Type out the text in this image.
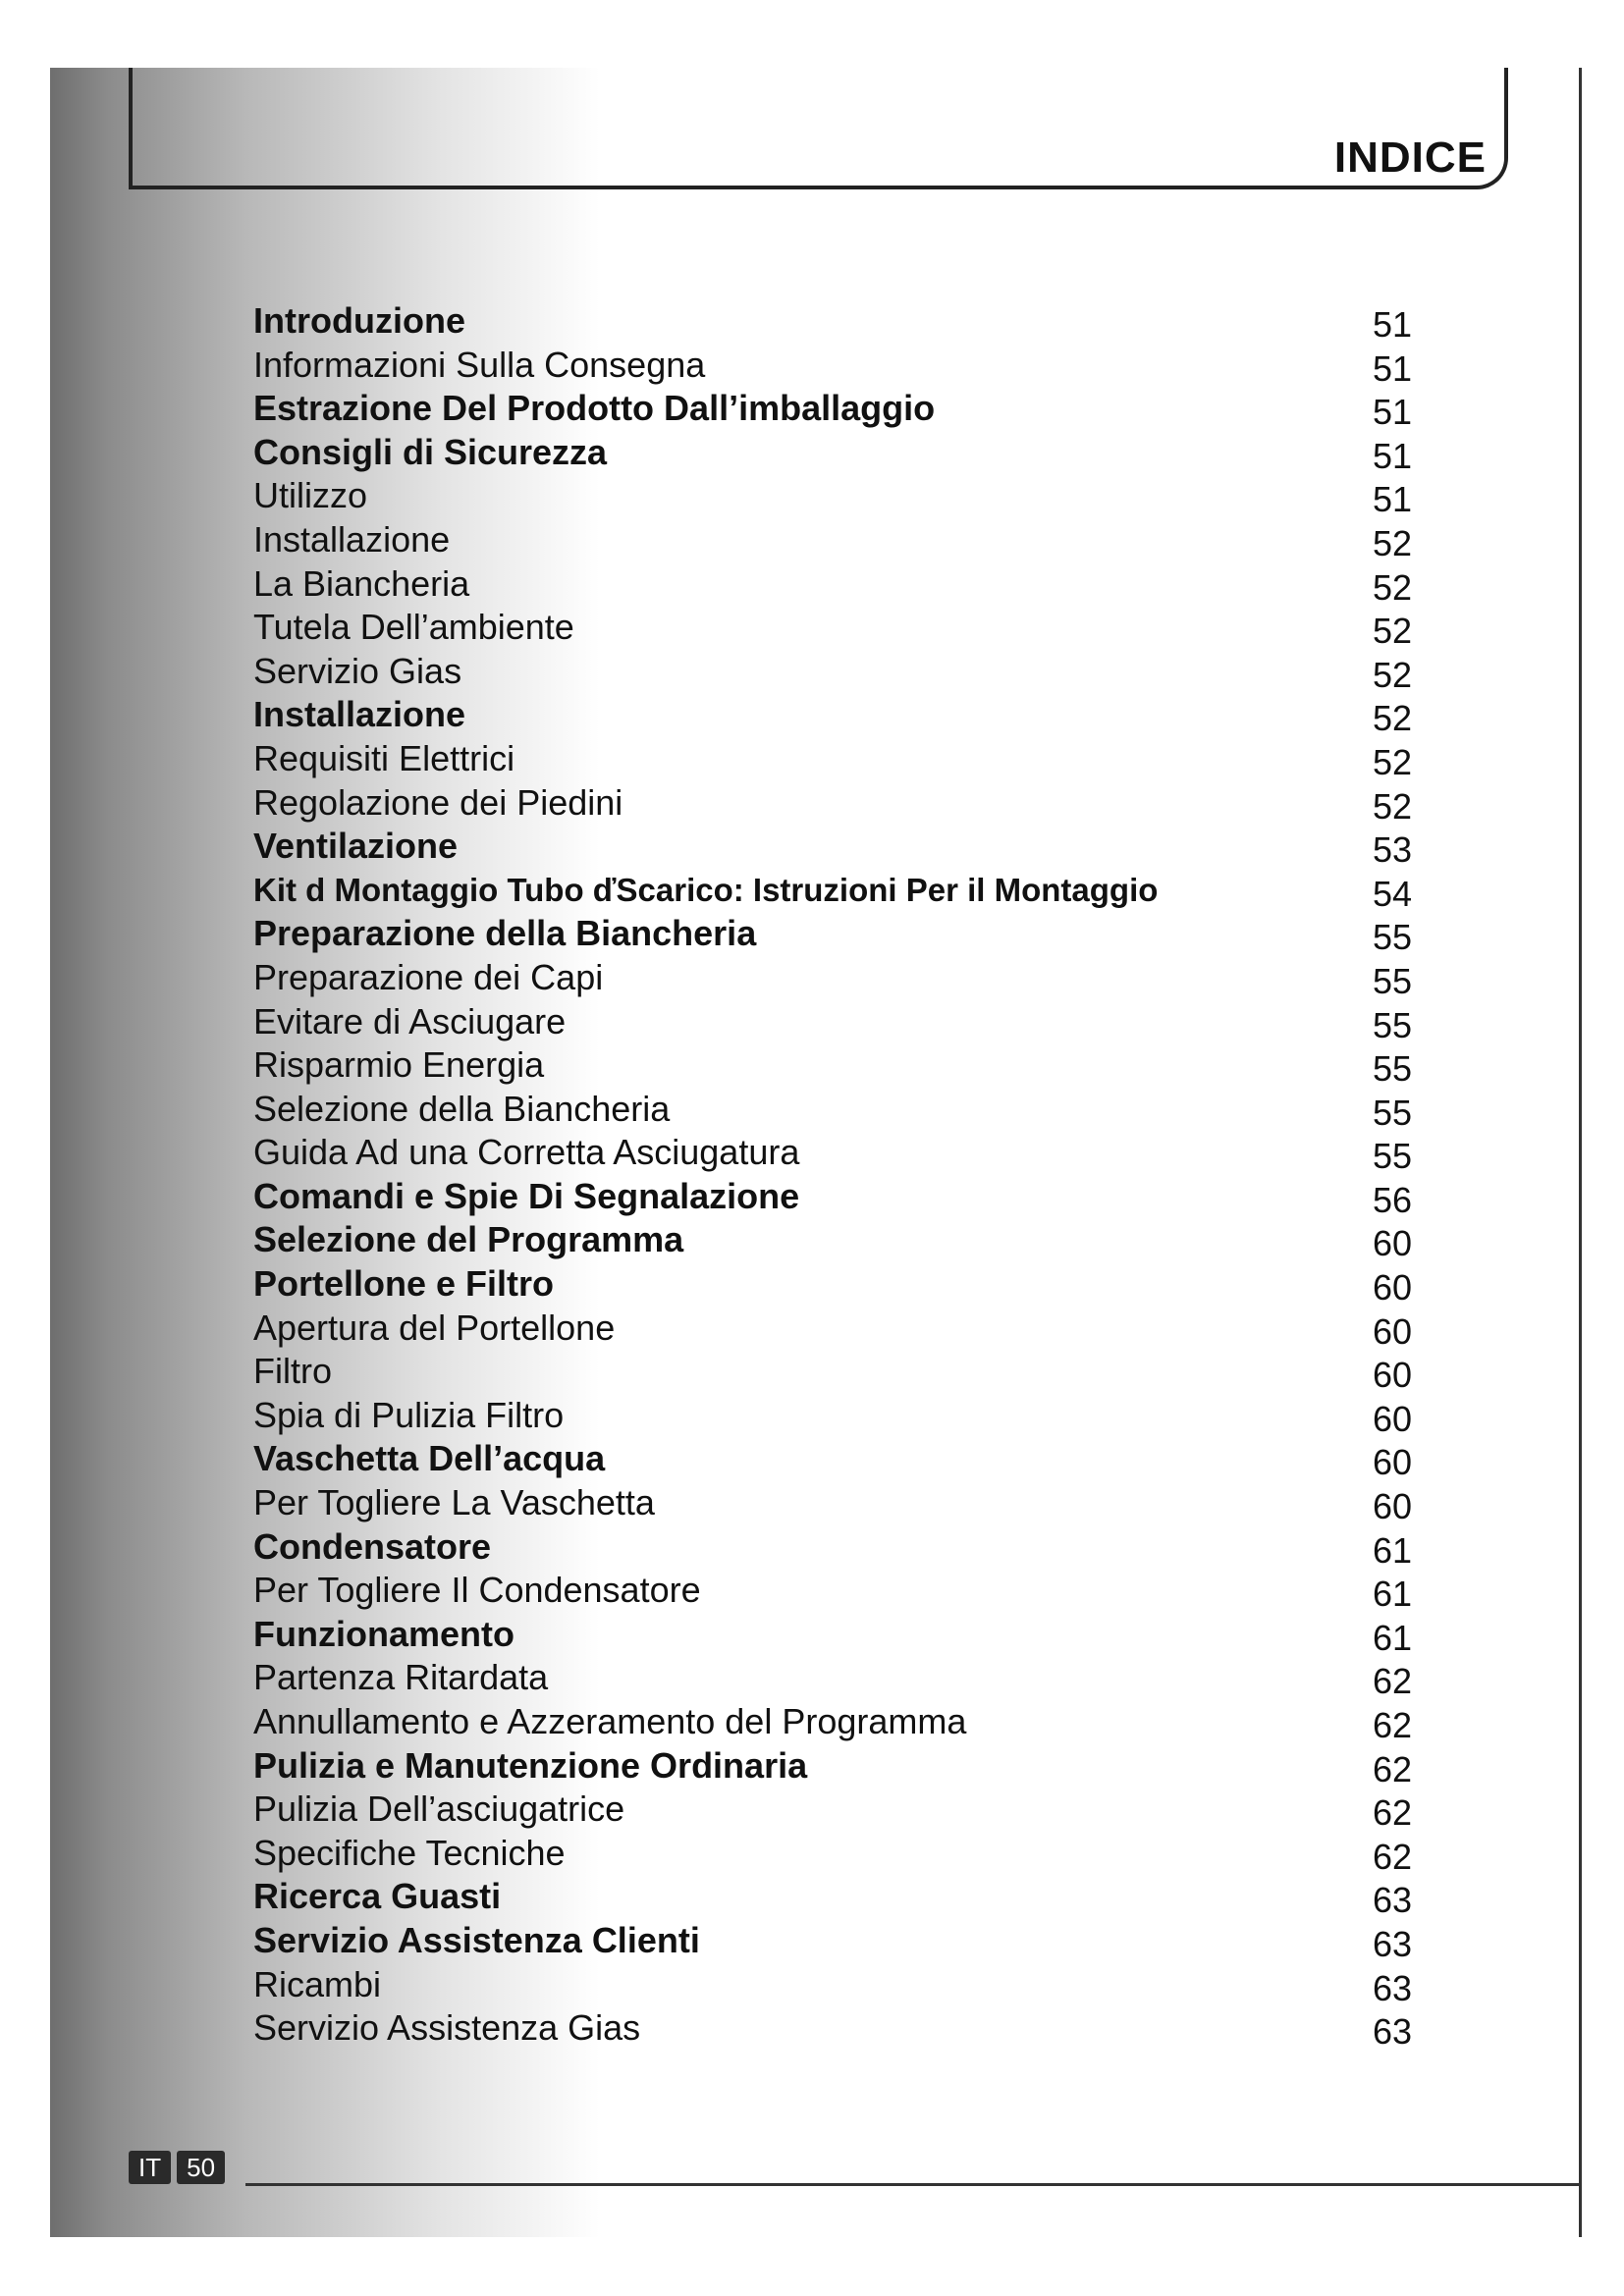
INDICE
Introduzione	51
Informazioni Sulla Consegna	51
Estrazione Del Prodotto Dall’imballaggio	51
Consigli di Sicurezza	51
Utilizzo	51
Installazione	52
La Biancheria	52
Tutela Dell’ambiente	52
Servizio Gias	52
Installazione	52
Requisiti Elettrici	52
Regolazione dei Piedini	52
Ventilazione	53
Kit d Montaggio Tubo ďScarico: Istruzioni Per il Montaggio	54
Preparazione della Biancheria	55
Preparazione dei Capi	55
Evitare di Asciugare	55
Risparmio Energia	55
Selezione della Biancheria	55
Guida Ad una Corretta Asciugatura	55
Comandi e Spie Di Segnalazione	56
Selezione del Programma	60
Portellone e Filtro	60
Apertura del Portellone	60
Filtro	60
Spia di Pulizia Filtro	60
Vaschetta Dell’acqua	60
Per Togliere La Vaschetta	60
Condensatore	61
Per Togliere Il Condensatore	61
Funzionamento	61
Partenza Ritardata	62
Annullamento e Azzeramento del Programma	62
Pulizia e Manutenzione Ordinaria	62
Pulizia Dell’asciugatrice	62
Specifiche Tecniche	62
Ricerca Guasti	63
Servizio Assistenza Clienti	63
Ricambi	63
Servizio Assistenza Gias	63
IT	50
